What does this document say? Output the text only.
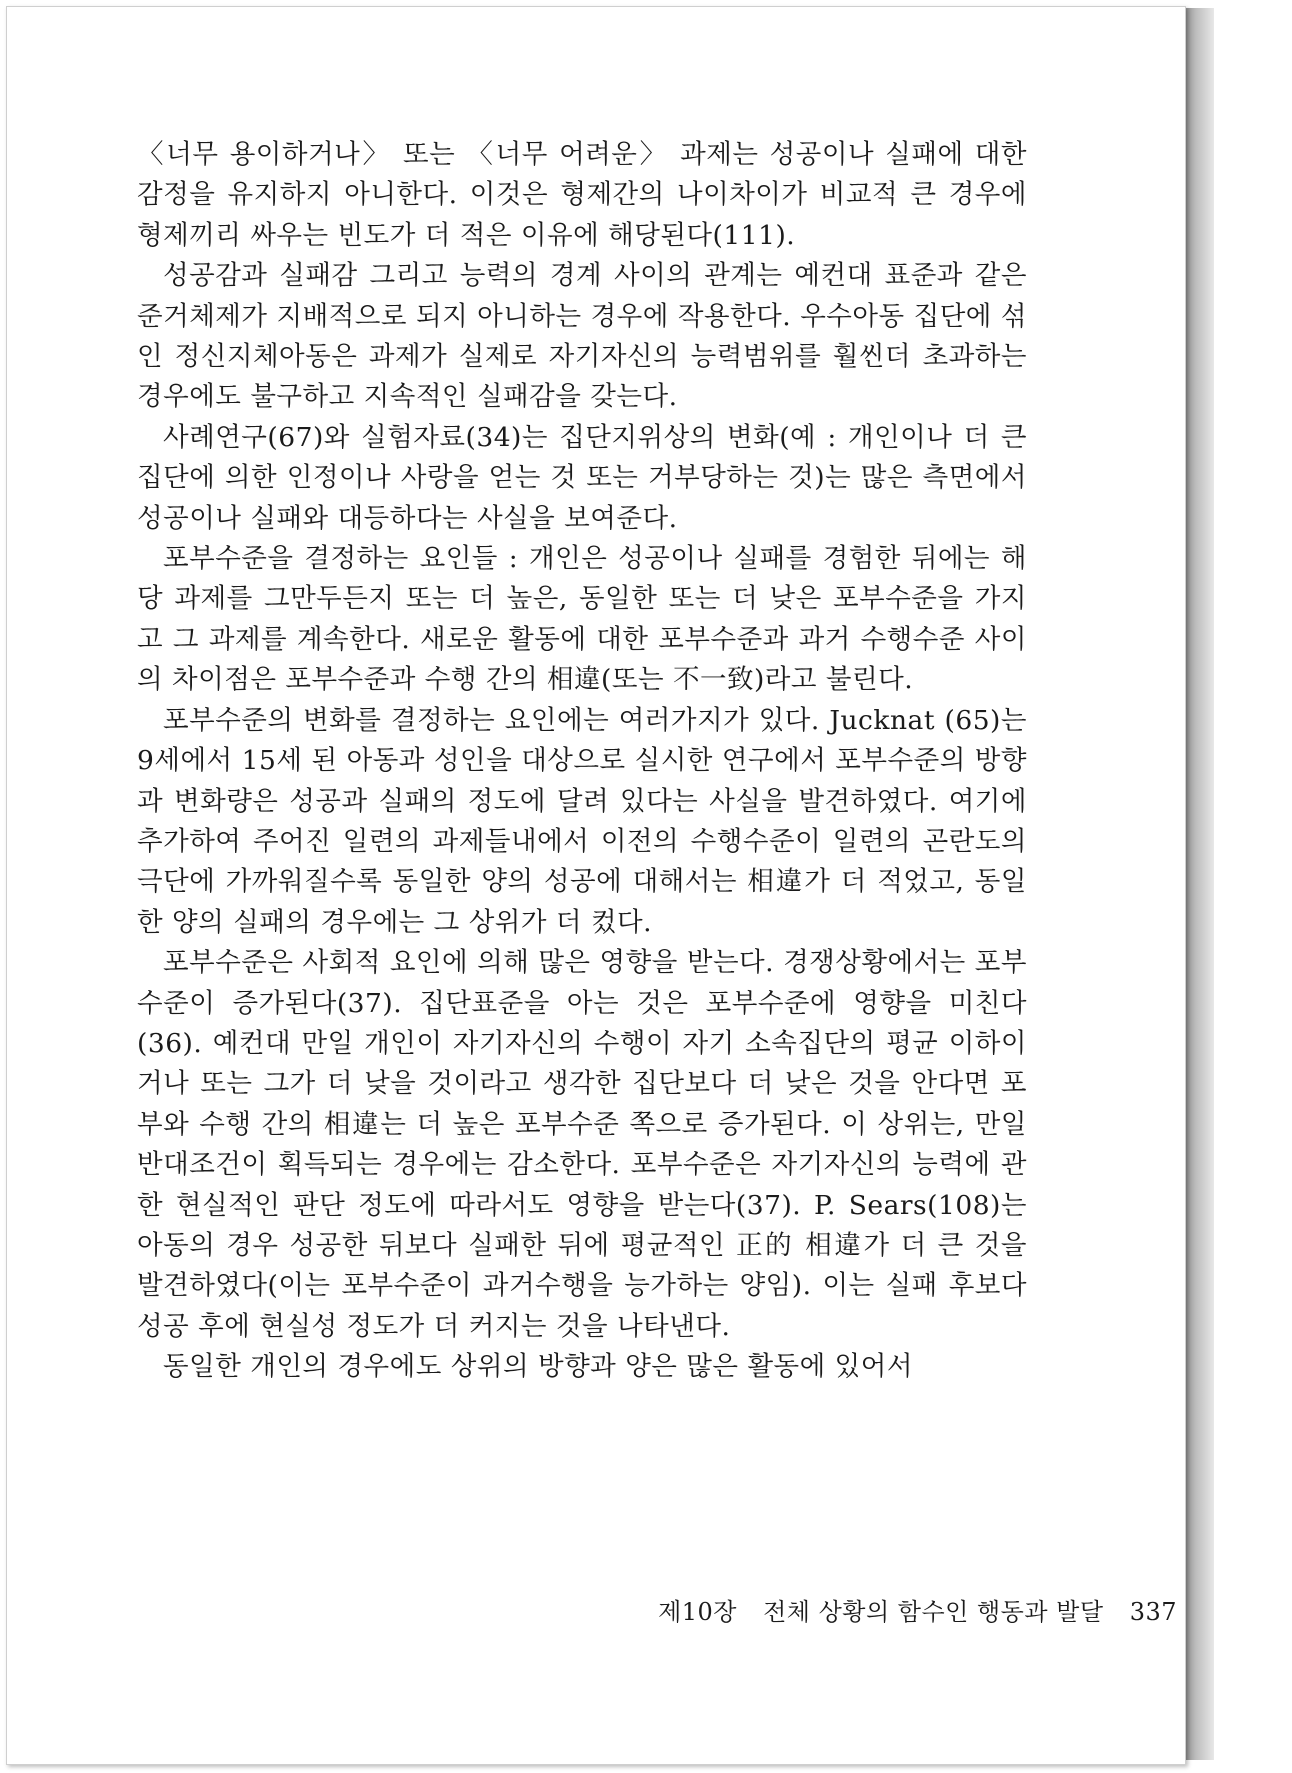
〈너무 용이하거나〉 또는 〈너무 어려운〉 과제는 성공이나 실패에 대한 감정을 유지하지 아니한다. 이것은 형제간의 나이차이가 비교적 큰 경우에 형제끼리 싸우는 빈도가 더 적은 이유에 해당된다(111).

성공감과 실패감 그리고 능력의 경계 사이의 관계는 예컨대 표준과 같은 준거체제가 지배적으로 되지 아니하는 경우에 작용한다. 우수아동 집단에 섞인 정신지체아동은 과제가 실제로 자기자신의 능력범위를 훨씬더 초과하는 경우에도 불구하고 지속적인 실패감을 갖는다.

사례연구(67)와 실험자료(34)는 집단지위상의 변화(예 : 개인이나 더 큰 집단에 의한 인정이나 사랑을 얻는 것 또는 거부당하는 것)는 많은 측면에서 성공이나 실패와 대등하다는 사실을 보여준다.

포부수준을 결정하는 요인들 : 개인은 성공이나 실패를 경험한 뒤에는 해당 과제를 그만두든지 또는 더 높은, 동일한 또는 더 낮은 포부수준을 가지고 그 과제를 계속한다. 새로운 활동에 대한 포부수준과 과거 수행수준 사이의 차이점은 포부수준과 수행 간의 相違(또는 不一致)라고 불린다.

포부수준의 변화를 결정하는 요인에는 여러가지가 있다. Jucknat (65)는 9세에서 15세 된 아동과 성인을 대상으로 실시한 연구에서 포부수준의 방향과 변화량은 성공과 실패의 정도에 달려 있다는 사실을 발견하였다. 여기에 추가하여 주어진 일련의 과제들내에서 이전의 수행수준이 일련의 곤란도의 극단에 가까워질수록 동일한 양의 성공에 대해서는 相違가 더 적었고, 동일한 양의 실패의 경우에는 그 상위가 더 컸다.

포부수준은 사회적 요인에 의해 많은 영향을 받는다. 경쟁상황에서는 포부수준이 증가된다(37). 집단표준을 아는 것은 포부수준에 영향을 미친다(36). 예컨대 만일 개인이 자기자신의 수행이 자기 소속집단의 평균 이하이거나 또는 그가 더 낮을 것이라고 생각한 집단보다 더 낮은 것을 안다면 포부와 수행 간의 相違는 더 높은 포부수준 쪽으로 증가된다. 이 상위는, 만일 반대조건이 획득되는 경우에는 감소한다. 포부수준은 자기자신의 능력에 관한 현실적인 판단 정도에 따라서도 영향을 받는다(37). P. Sears(108)는 아동의 경우 성공한 뒤보다 실패한 뒤에 평균적인 正的 相違가 더 큰 것을 발견하였다(이는 포부수준이 과거수행을 능가하는 양임). 이는 실패 후보다 성공 후에 현실성 정도가 더 커지는 것을 나타낸다.

동일한 개인의 경우에도 상위의 방향과 양은 많은 활동에 있어서

제10장 전체 상황의 함수인 행동과 발달 337
